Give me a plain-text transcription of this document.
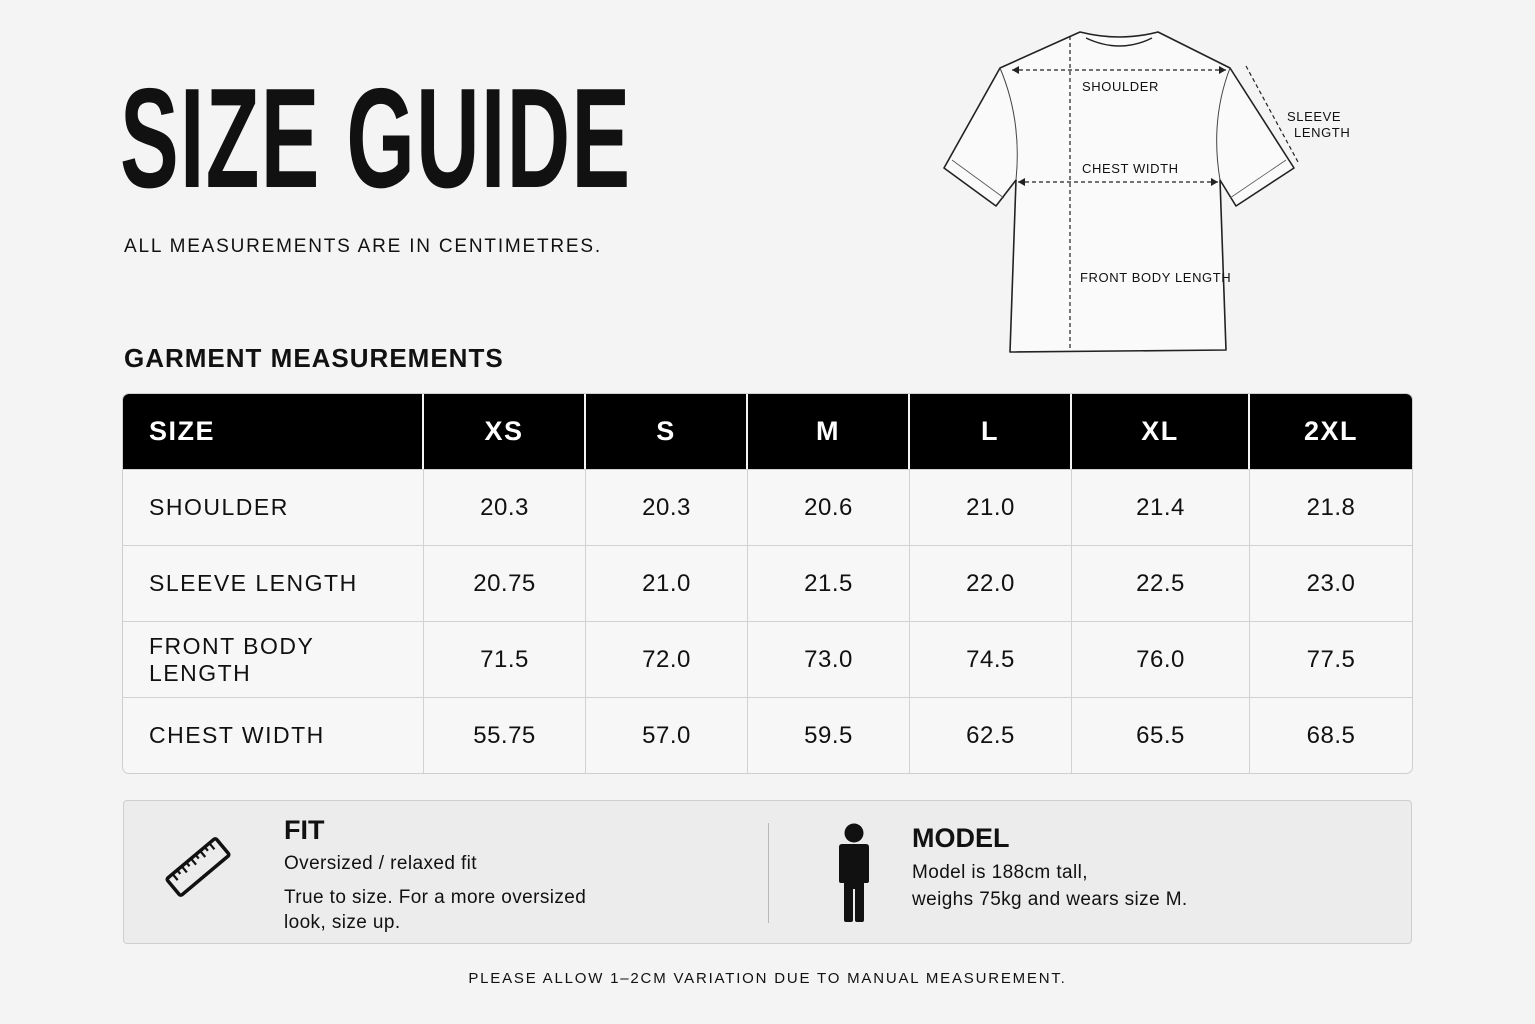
SIZE GUIDE
ALL MEASUREMENTS ARE IN CENTIMETRES.
SHOULDER
SLEEVE
LENGTH
CHEST WIDTH
FRONT BODY LENGTH
GARMENT MEASUREMENTS
SIZE	XS	S	M	L	XL	2XL
SHOULDER	20.3	20.3	20.6	21.0	21.4	21.8
SLEEVE LENGTH	20.75	21.0	21.5	22.0	22.5	23.0
FRONT BODY LENGTH	71.5	72.0	73.0	74.5	76.0	77.5
CHEST WIDTH	55.75	57.0	59.5	62.5	65.5	68.5
FIT
Oversized / relaxed fit
True to size. For a more oversized look, size up.
MODEL
Model is 188cm tall,
weighs 75kg and wears size M.
PLEASE ALLOW 1–2CM VARIATION DUE TO MANUAL MEASUREMENT.
